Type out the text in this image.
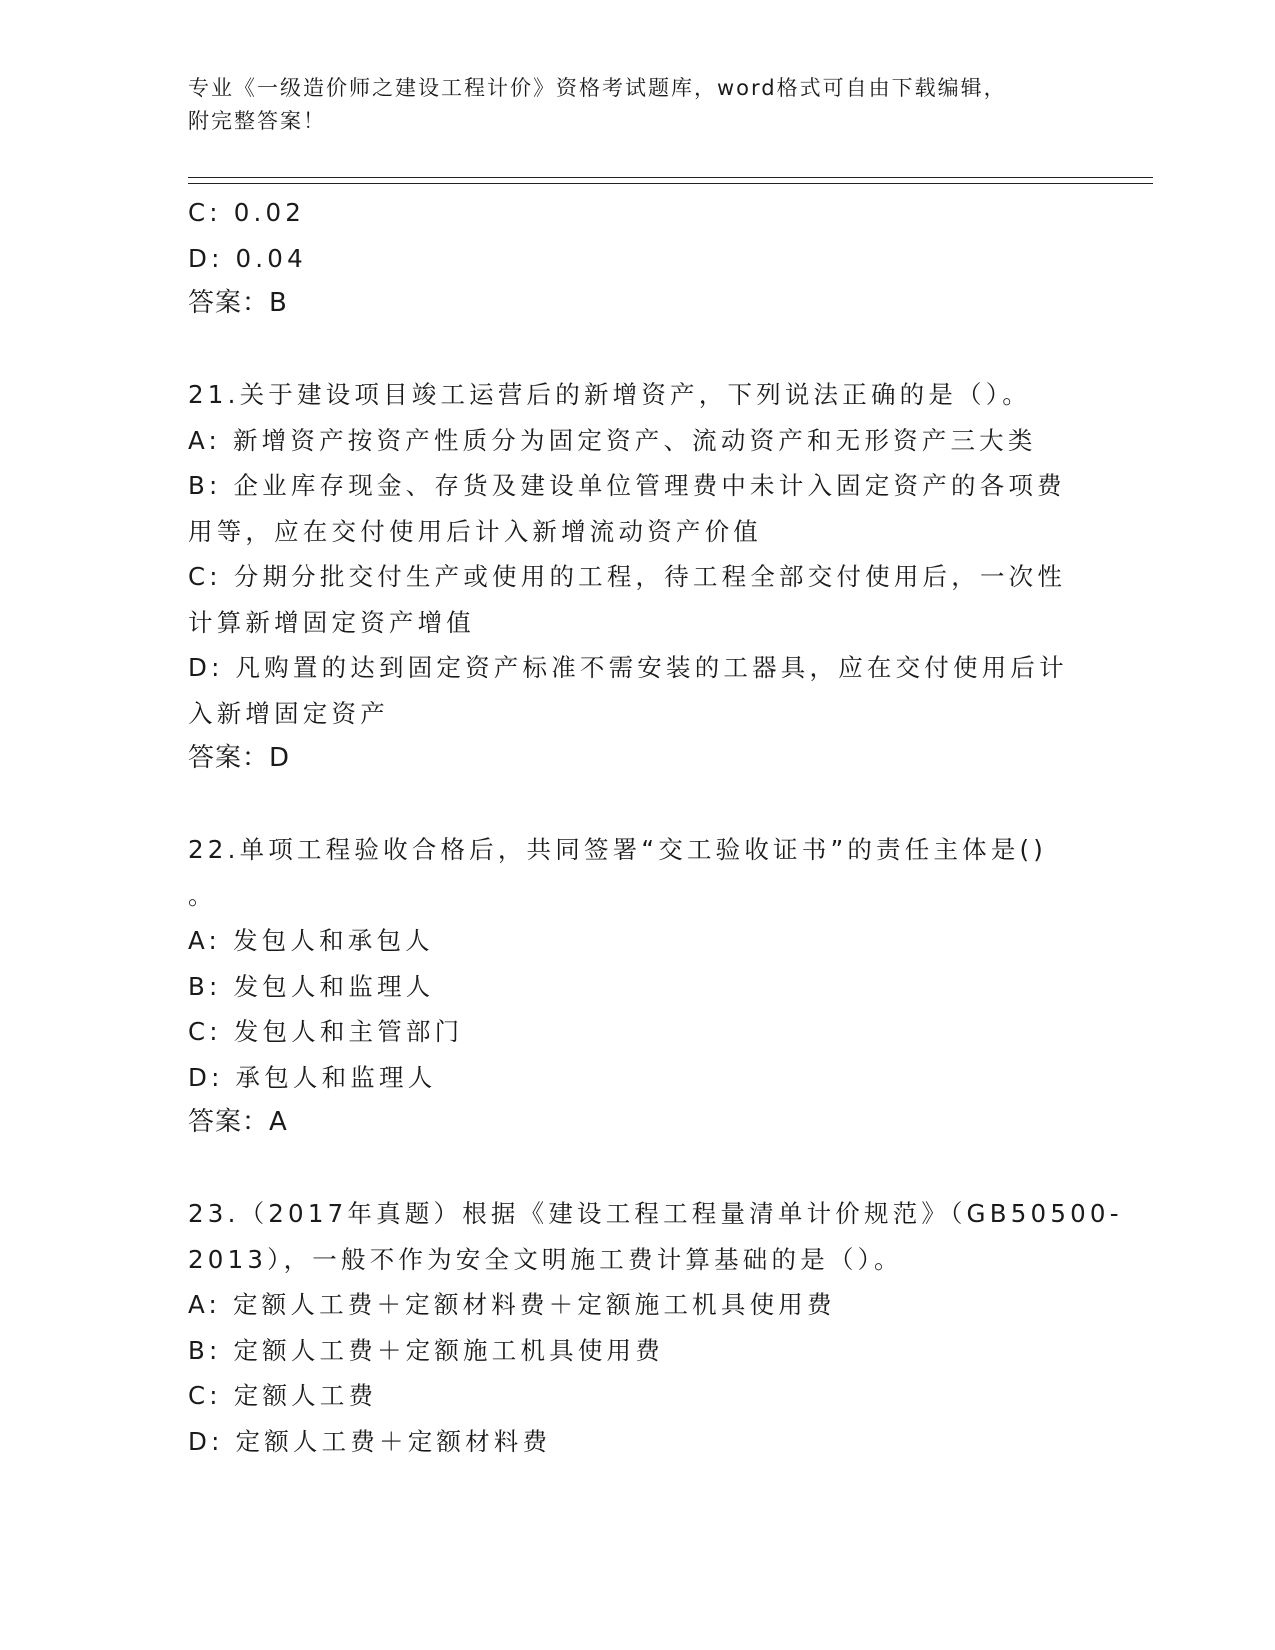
专业《一级造价师之建设工程计价》资格考试题库，word格式可自由下载编辑，
附完整答案！
C: 0.02
D: 0.04
答案：B
21.关于建设项目竣工运营后的新增资产，下列说法正确的是（）。
A: 新增资产按资产性质分为固定资产、流动资产和无形资产三大类
B: 企业库存现金、存货及建设单位管理费中未计入固定资产的各项费
用等，应在交付使用后计入新增流动资产价值
C: 分期分批交付生产或使用的工程，待工程全部交付使用后，一次性
计算新增固定资产增值
D: 凡购置的达到固定资产标准不需安装的工器具，应在交付使用后计
入新增固定资产
答案：D
22.单项工程验收合格后，共同签署“交工验收证书”的责任主体是()
。
A: 发包人和承包人
B: 发包人和监理人
C: 发包人和主管部门
D: 承包人和监理人
答案：A
23.（2017年真题）根据《建设工程工程量清单计价规范》（GB50500-
2013），一般不作为安全文明施工费计算基础的是（）。
A: 定额人工费＋定额材料费＋定额施工机具使用费
B: 定额人工费＋定额施工机具使用费
C: 定额人工费
D: 定额人工费＋定额材料费
